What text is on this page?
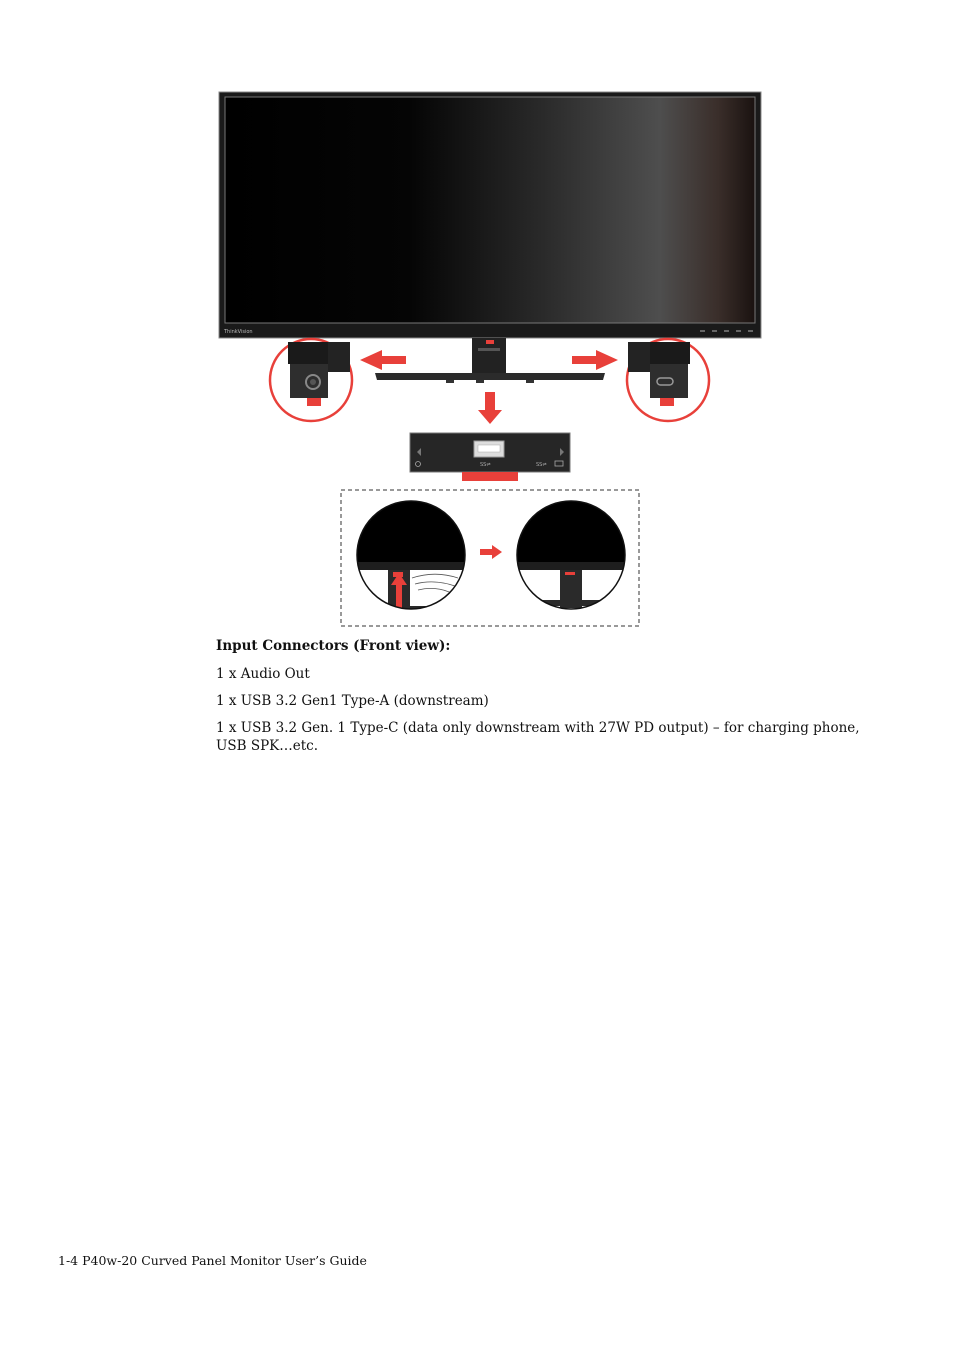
ThinkVision
SS⇌	SS⇌

Input Connectors (Front view):

1 x Audio Out

1 x USB 3.2 Gen1 Type-A (downstream)

1 x USB 3.2 Gen. 1 Type-C (data only downstream with 27W PD output) – for charging phone, USB SPK…etc.

1-4 P40w-20 Curved Panel Monitor User’s Guide
